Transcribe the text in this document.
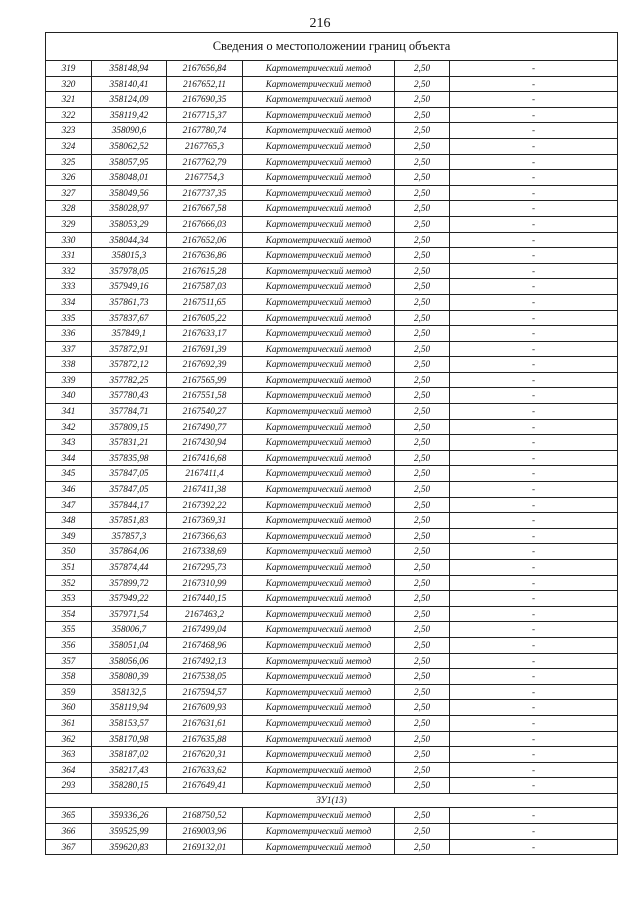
216
Сведения о местоположении границ объекта					
319	358148,94	2167656,84	Картометрический метод	2,50	-
320	358140,41	2167652,11	Картометрический метод	2,50	-
321	358124,09	2167690,35	Картометрический метод	2,50	-
322	358119,42	2167715,37	Картометрический метод	2,50	-
323	358090,6	2167780,74	Картометрический метод	2,50	-
324	358062,52	2167765,3	Картометрический метод	2,50	-
325	358057,95	2167762,79	Картометрический метод	2,50	-
326	358048,01	2167754,3	Картометрический метод	2,50	-
327	358049,56	2167737,35	Картометрический метод	2,50	-
328	358028,97	2167667,58	Картометрический метод	2,50	-
329	358053,29	2167666,03	Картометрический метод	2,50	-
330	358044,34	2167652,06	Картометрический метод	2,50	-
331	358015,3	2167636,86	Картометрический метод	2,50	-
332	357978,05	2167615,28	Картометрический метод	2,50	-
333	357949,16	2167587,03	Картометрический метод	2,50	-
334	357861,73	2167511,65	Картометрический метод	2,50	-
335	357837,67	2167605,22	Картометрический метод	2,50	-
336	357849,1	2167633,17	Картометрический метод	2,50	-
337	357872,91	2167691,39	Картометрический метод	2,50	-
338	357872,12	2167692,39	Картометрический метод	2,50	-
339	357782,25	2167565,99	Картометрический метод	2,50	-
340	357780,43	2167551,58	Картометрический метод	2,50	-
341	357784,71	2167540,27	Картометрический метод	2,50	-
342	357809,15	2167490,77	Картометрический метод	2,50	-
343	357831,21	2167430,94	Картометрический метод	2,50	-
344	357835,98	2167416,68	Картометрический метод	2,50	-
345	357847,05	2167411,4	Картометрический метод	2,50	-
346	357847,05	2167411,38	Картометрический метод	2,50	-
347	357844,17	2167392,22	Картометрический метод	2,50	-
348	357851,83	2167369,31	Картометрический метод	2,50	-
349	357857,3	2167366,63	Картометрический метод	2,50	-
350	357864,06	2167338,69	Картометрический метод	2,50	-
351	357874,44	2167295,73	Картометрический метод	2,50	-
352	357899,72	2167310,99	Картометрический метод	2,50	-
353	357949,22	2167440,15	Картометрический метод	2,50	-
354	357971,54	2167463,2	Картометрический метод	2,50	-
355	358006,7	2167499,04	Картометрический метод	2,50	-
356	358051,04	2167468,96	Картометрический метод	2,50	-
357	358056,06	2167492,13	Картометрический метод	2,50	-
358	358080,39	2167538,05	Картометрический метод	2,50	-
359	358132,5	2167594,57	Картометрический метод	2,50	-
360	358119,94	2167609,93	Картометрический метод	2,50	-
361	358153,57	2167631,61	Картометрический метод	2,50	-
362	358170,98	2167635,88	Картометрический метод	2,50	-
363	358187,02	2167620,31	Картометрический метод	2,50	-
364	358217,43	2167633,62	Картометрический метод	2,50	-
293	358280,15	2167649,41	Картометрический метод	2,50	-
ЗУ1(13)					
365	359336,26	2168750,52	Картометрический метод	2,50	-
366	359525,99	2169003,96	Картометрический метод	2,50	-
367	359620,83	2169132,01	Картометрический метод	2,50	-
